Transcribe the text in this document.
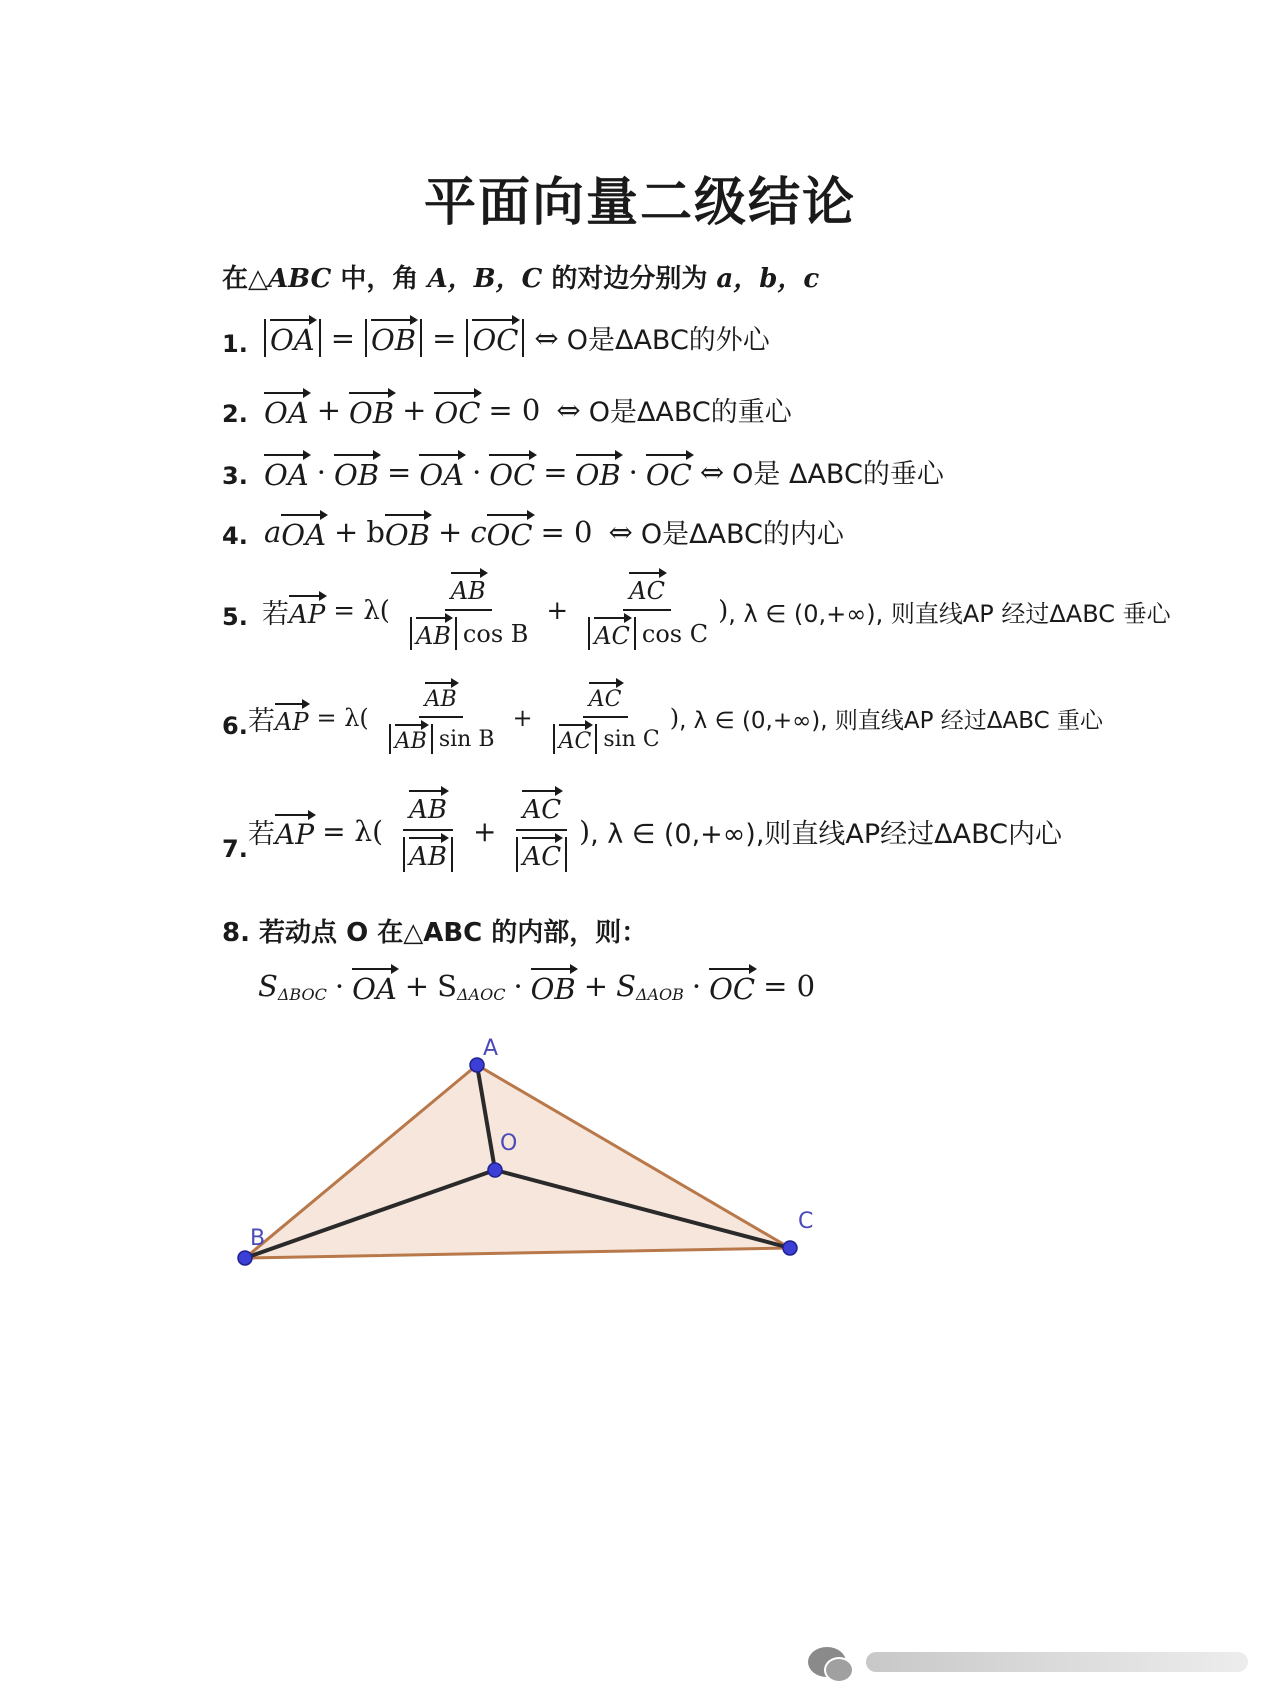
平面向量二级结论
在△ABC 中，角 A，B，C 的对边分别为 a，b，c
1. OA = OB = OC ⇔ O是ΔABC的外心
2. OA + OB + OC = 0 ⇔ O是ΔABC的重心
3. OA · OB = OA · OC = OB · OC ⇔ O是 ΔABC的垂心
4. a OA + b OB + c OC = 0 ⇔ O是ΔABC的内心
5. 若 AP = $\lambda( \frac{AB}{\text{AB cos B}} + \frac{AC}{\text{AC cos C}}$ ) , λ ∈ (0,+∞), 则直线AP 经过ΔABC 垂心
6. 若 AP = $\lambda( \frac{AB}{\text{AB sin B}} + \frac{AC}{\text{AC sin C}}$ ) , λ ∈ (0,+∞), 则直线AP 经过ΔABC 重心
7. 若 AP = $\lambda( \frac{AB}{AB} + \frac{AC}{AC}$ ) , λ ∈ (0,+∞),则直线AP经过ΔABC内心
8. 若动点 O 在△ABC 的内部，则：
S ΔBOC · OA + S ΔAOC · OB + S ΔAOB · OC = 0
A
B
C
O
